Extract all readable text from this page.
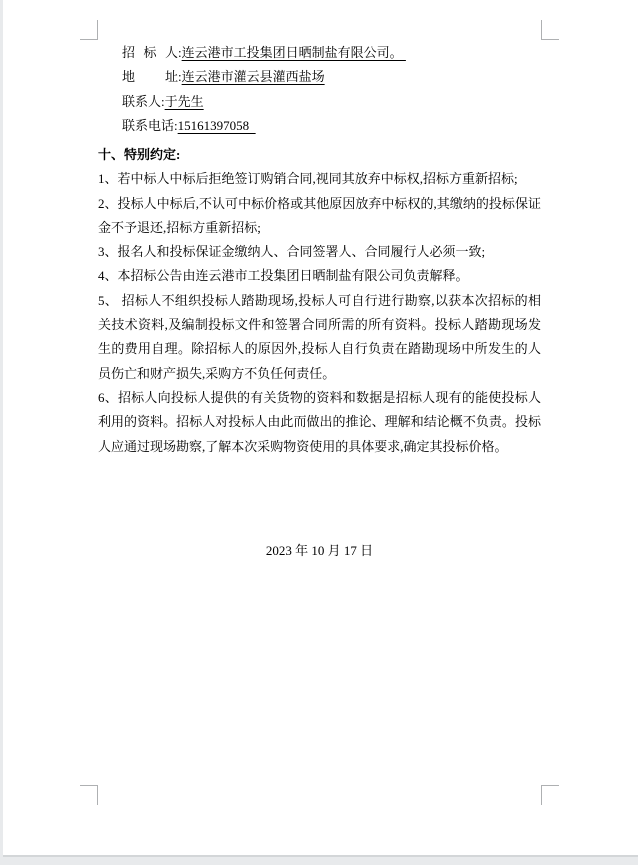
招标人:连云港市工投集团日晒制盐有限公司。
地址:连云港市灌云县灌西盐场
联系人:于先生
联系电话:15161397058

十、特别约定:

1、若中标人中标后拒绝签订购销合同,视同其放弃中标权,招标方重新招标;

2、投标人中标后,不认可中标价格或其他原因放弃中标权的,其缴纳的投标保证金不予退还,招标方重新招标;

3、报名人和投标保证金缴纳人、合同签署人、合同履行人必须一致;

4、本招标公告由连云港市工投集团日晒制盐有限公司负责解释。

5、 招标人不组织投标人踏勘现场,投标人可自行进行勘察,以获本次招标的相关技术资料,及编制投标文件和签署合同所需的所有资料。投标人踏勘现场发生的费用自理。除招标人的原因外,投标人自行负责在踏勘现场中所发生的人员伤亡和财产损失,采购方不负任何责任。

6、招标人向投标人提供的有关货物的资料和数据是招标人现有的能使投标人利用的资料。招标人对投标人由此而做出的推论、理解和结论概不负责。投标人应通过现场勘察,了解本次采购物资使用的具体要求,确定其投标价格。

2023 年 10 月 17 日
